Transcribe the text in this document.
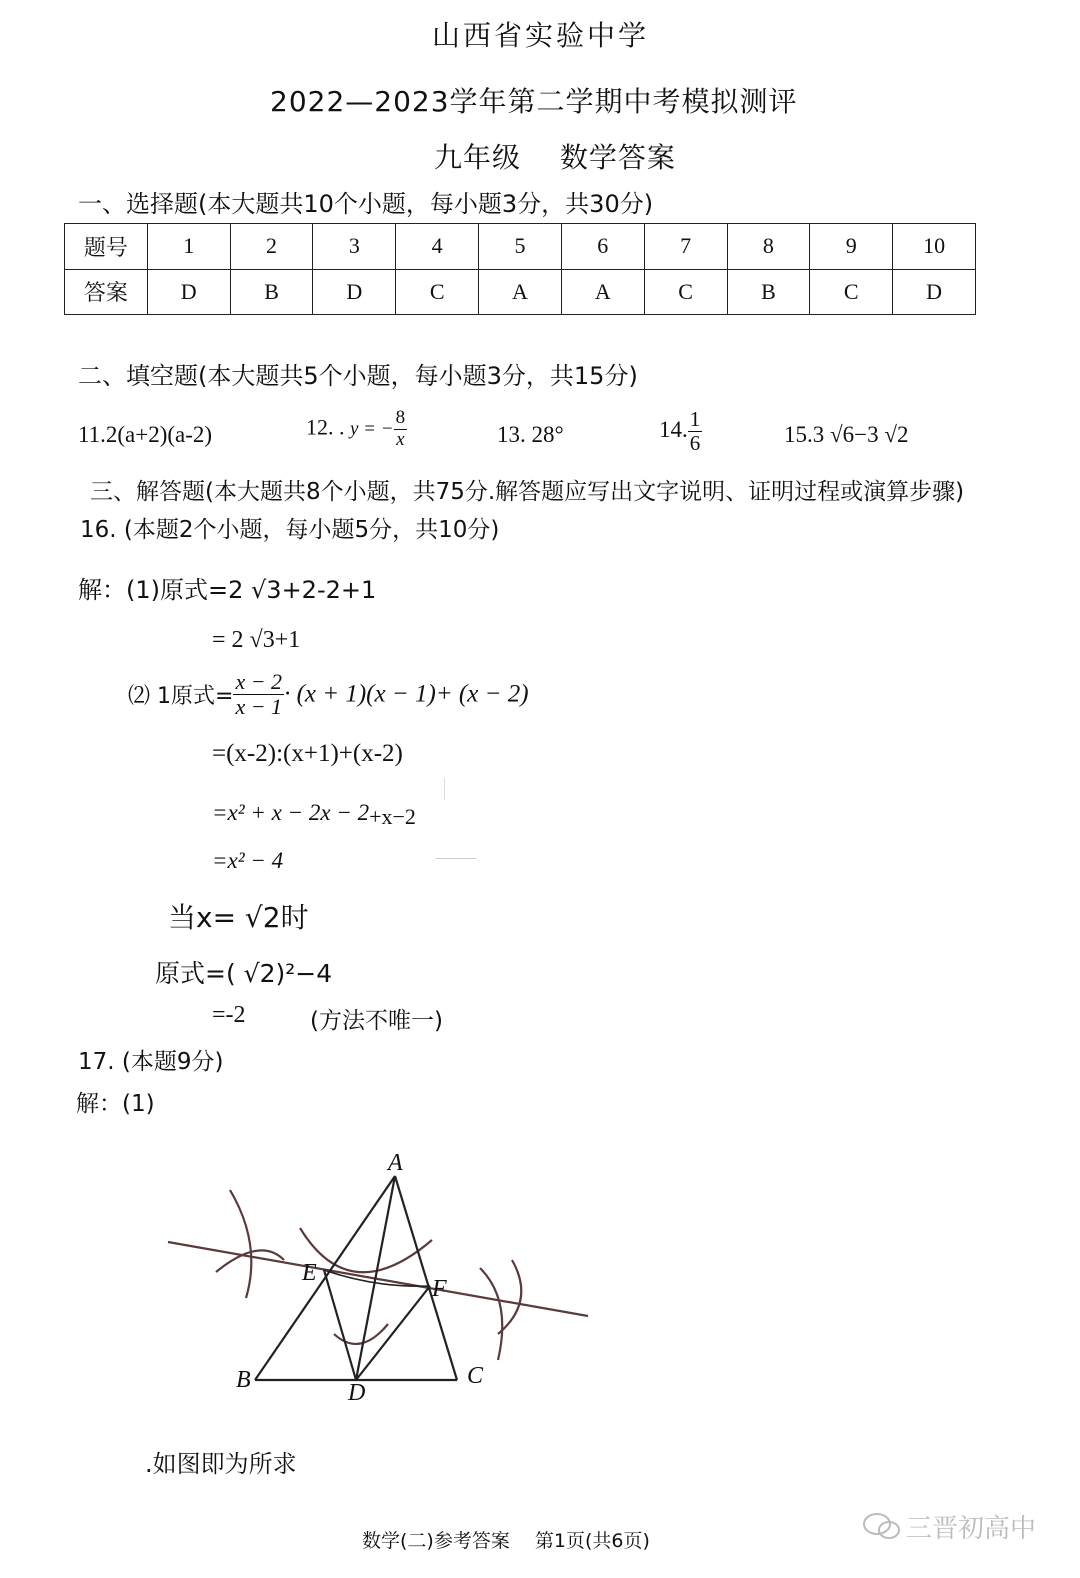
山西省实验中学
2022—2023学年第二学期中考模拟测评
九年级　 数学答案
一、选择题(本大题共10个小题，每小题3分，共30分)
题号	1	2	3	4	5	6	7	8	9	10
答案	D	B	D	C	A	A	C	B	C	D
二、填空题(本大题共5个小题，每小题3分，共15分)
11.2(a+2)(a-2)	12. . y = − $\frac{8}{x}$	13. 28°	14. $\frac{1}{6}$	15.3 √6−3 √2
三、解答题(本大题共8个小题，共75分.解答题应写出文字说明、证明过程或演算步骤)
16. (本题2个小题，每小题5分，共10分)
解：(1)原式=2 √3+2-2+1
= 2 √3+1
⑵ 1原式= $\frac{x - 2}{x - 1} \cdot (x + 1)(x - 1)+ (x - 2)$
=(x-2):(x+1)+(x-2)
=x² + x − 2x − 2+x−2
=x² − 4
当x= √2时
原式=( √2)²−4
=-2	(方法不唯一)
17. (本题9分)
解：(1)
A
B	C
D
E
F
.如图即为所求
数学(二)参考答案　 第1页(共6页)	三晋初高中
